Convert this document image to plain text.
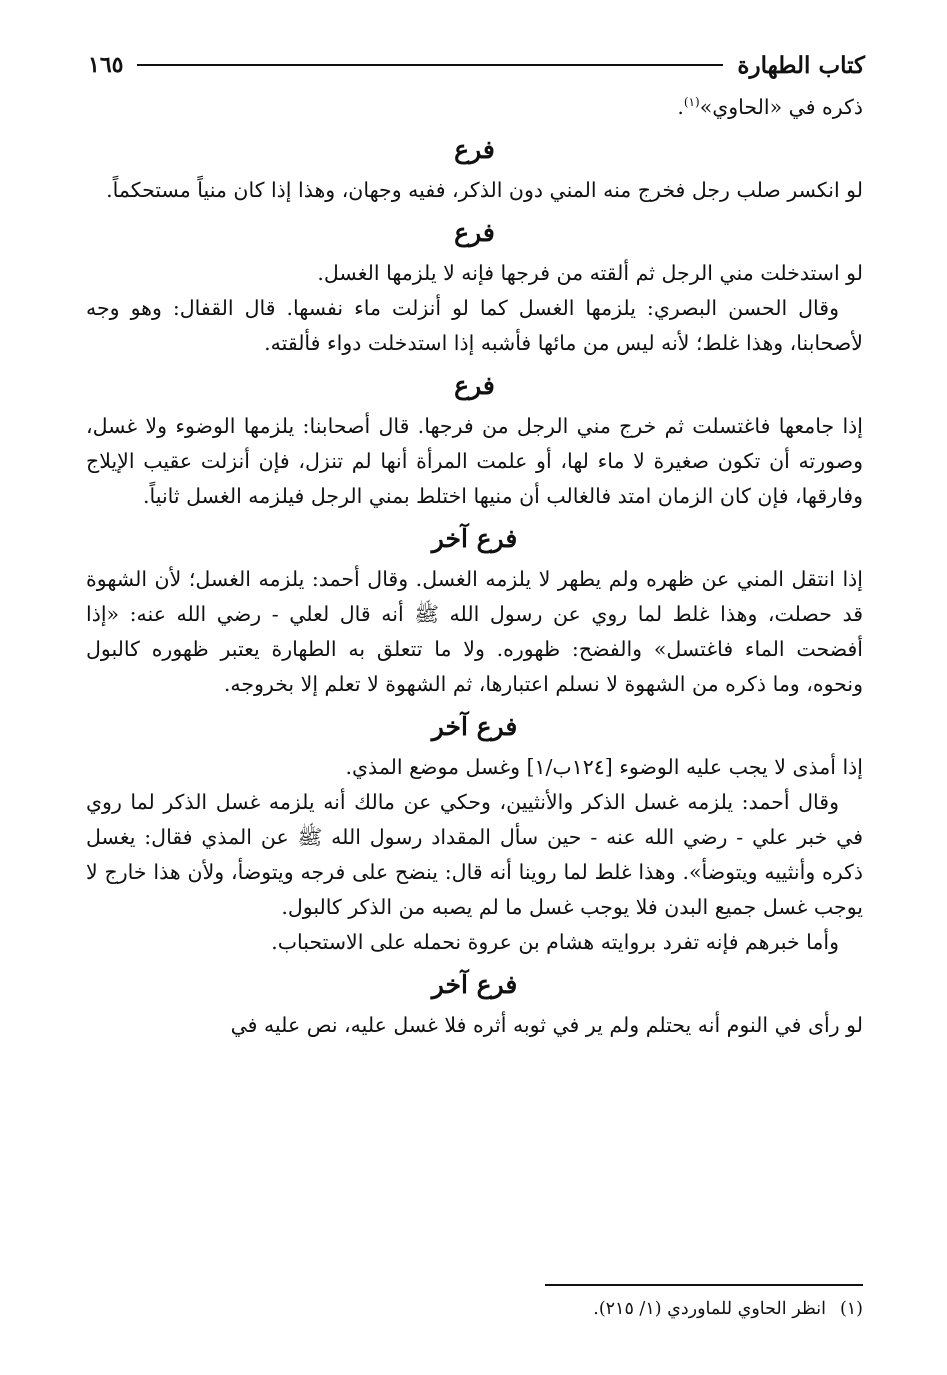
كتاب الطهارة
١٦٥

ذكره في «الحاوي»$^{(١)}$.

فرع

لو انكسر صلب رجل فخرج منه المني دون الذكر، ففيه وجهان، وهذا إذا كان منياً مستحكماً.

فرع

لو استدخلت مني الرجل ثم ألقته من فرجها فإنه لا يلزمها الغسل.

وقال الحسن البصري: يلزمها الغسل كما لو أنزلت ماء نفسها. قال القفال: وهو وجه لأصحابنا، وهذا غلط؛ لأنه ليس من مائها فأشبه إذا استدخلت دواء فألقته.

فرع

إذا جامعها فاغتسلت ثم خرج مني الرجل من فرجها. قال أصحابنا: يلزمها الوضوء ولا غسل، وصورته أن تكون صغيرة لا ماء لها، أو علمت المرأة أنها لم تنزل، فإن أنزلت عقيب الإيلاج وفارقها، فإن كان الزمان امتد فالغالب أن منيها اختلط بمني الرجل فيلزمه الغسل ثانياً.

فرع آخر

إذا انتقل المني عن ظهره ولم يطهر لا يلزمه الغسل. وقال أحمد: يلزمه الغسل؛ لأن الشهوة قد حصلت، وهذا غلط لما روي عن رسول الله ﷺ أنه قال لعلي - رضي الله عنه: «إذا أفضحت الماء فاغتسل» والفضح: ظهوره. ولا ما تتعلق به الطهارة يعتبر ظهوره كالبول ونحوه، وما ذكره من الشهوة لا نسلم اعتبارها، ثم الشهوة لا تعلم إلا بخروجه.

فرع آخر

إذا أمذى لا يجب عليه الوضوء [١٢٤ب/١] وغسل موضع المذي.

وقال أحمد: يلزمه غسل الذكر والأنثيين، وحكي عن مالك أنه يلزمه غسل الذكر لما روي في خبر علي - رضي الله عنه - حين سأل المقداد رسول الله ﷺ عن المذي فقال: يغسل ذكره وأنثييه ويتوضأ». وهذا غلط لما روينا أنه قال: ينضح على فرجه ويتوضأ، ولأن هذا خارج لا يوجب غسل جميع البدن فلا يوجب غسل ما لم يصبه من الذكر كالبول.

وأما خبرهم فإنه تفرد بروايته هشام بن عروة نحمله على الاستحباب.

فرع آخر

لو رأى في النوم أنه يحتلم ولم ير في ثوبه أثره فلا غسل عليه، نص عليه في

(١)انظر الحاوي للماوردي (١/ ٢١٥).
